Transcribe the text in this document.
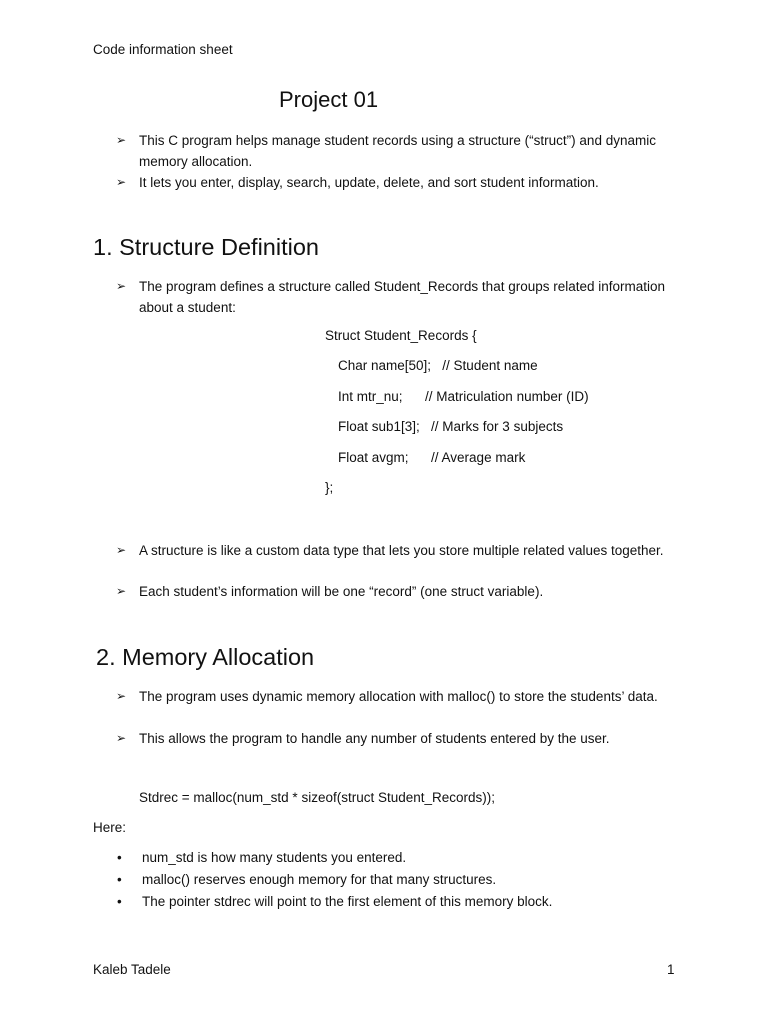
Code information sheet
Project 01
➢ This C program helps manage student records using a structure (“struct”) and dynamic memory allocation.
➢ It lets you enter, display, search, update, delete, and sort student information.
1. Structure Definition
➢ The program defines a structure called Student_Records that groups related information about a student:
Struct Student_Records {
Char name[50];   // Student name
Int mtr_nu;      // Matriculation number (ID)
Float sub1[3];   // Marks for 3 subjects
Float avgm;      // Average mark
};
➢ A structure is like a custom data type that lets you store multiple related values together.
➢ Each student’s information will be one “record” (one struct variable).
2. Memory Allocation
➢ The program uses dynamic memory allocation with malloc() to store the students’ data.
➢ This allows the program to handle any number of students entered by the user.
Stdrec = malloc(num_std * sizeof(struct Student_Records));
Here:
• num_std is how many students you entered.
• malloc() reserves enough memory for that many structures.
• The pointer stdrec will point to the first element of this memory block.
Kaleb Tadele	1
